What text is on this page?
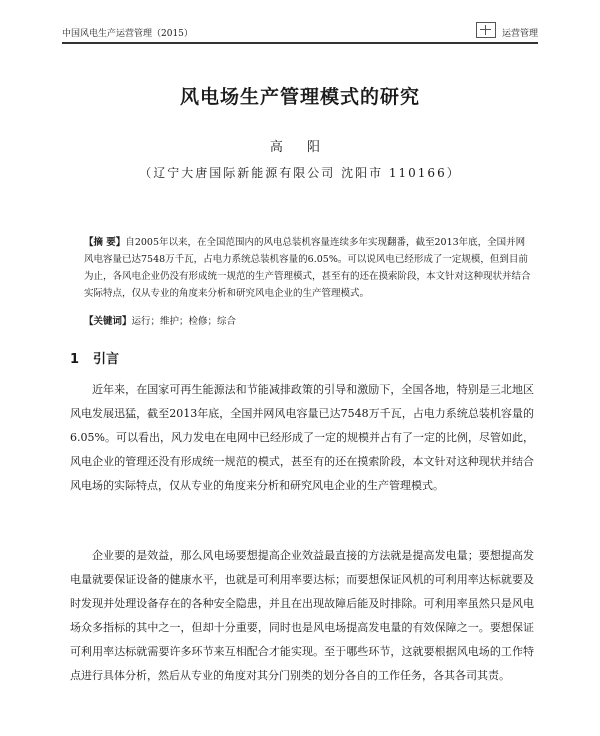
中国风电生产运营管理（2015）	运营管理
风电场生产管理模式的研究
高 阳
（辽宁大唐国际新能源有限公司 沈阳市 110166）
【摘 要】自2005年以来，在全国范围内的风电总装机容量连续多年实现翻番，截至2013年底，全国并网风电容量已达7548万千瓦，占电力系统总装机容量的6.05%。可以说风电已经形成了一定规模，但到目前为止，各风电企业仍没有形成统一规范的生产管理模式，甚至有的还在摸索阶段，本文针对这种现状并结合实际特点，仅从专业的角度来分析和研究风电企业的生产管理模式。
【关键词】运行；维护；检修；综合
1 引言
近年来，在国家可再生能源法和节能减排政策的引导和激励下，全国各地，特别是三北地区风电发展迅猛，截至2013年底，全国并网风电容量已达7548万千瓦，占电力系统总装机容量的6.05%。可以看出，风力发电在电网中已经形成了一定的规模并占有了一定的比例，尽管如此，风电企业的管理还没有形成统一规范的模式，甚至有的还在摸索阶段，本文针对这种现状并结合风电场的实际特点，仅从专业的角度来分析和研究风电企业的生产管理模式。
企业要的是效益，那么风电场要想提高企业效益最直接的方法就是提高发电量；要想提高发电量就要保证设备的健康水平，也就是可利用率要达标；而要想保证风机的可利用率达标就要及时发现并处理设备存在的各种安全隐患，并且在出现故障后能及时排除。可利用率虽然只是风电场众多指标的其中之一，但却十分重要，同时也是风电场提高发电量的有效保障之一。要想保证可利用率达标就需要许多环节来互相配合才能实现。至于哪些环节，这就要根据风电场的工作特点进行具体分析，然后从专业的角度对其分门别类的划分各自的工作任务，各其各司其责。
